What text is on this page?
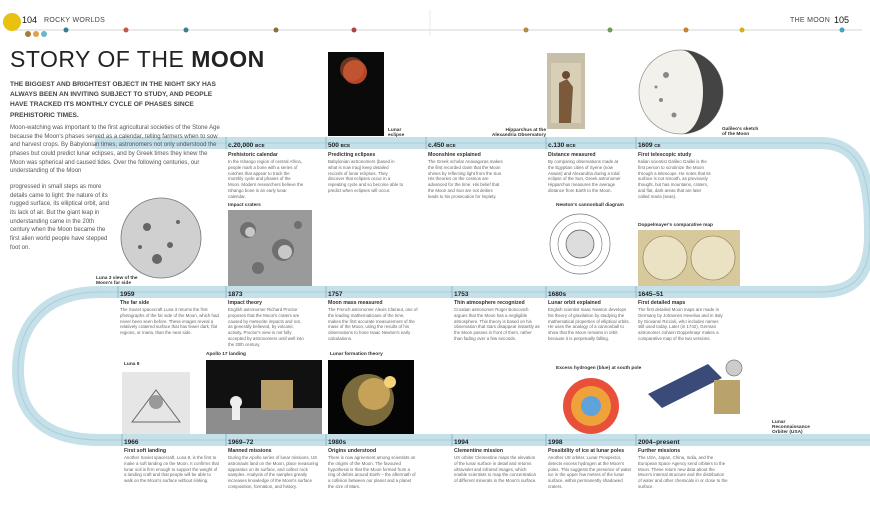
104 ROCKY WORLDS	THE MOON 105
STORY OF THE MOON

THE BIGGEST AND BRIGHTEST OBJECT IN THE NIGHT SKY HAS ALWAYS BEEN AN INVITING SUBJECT TO STUDY, AND PEOPLE HAVE TRACKED ITS MONTHLY CYCLE OF PHASES SINCE PREHISTORIC TIMES.

Moon-watching was important to the first agricultural societies of the Stone Age because the Moon's phases served as a calendar, telling farmers when to sow and harvest crops. By Babylonian times, astronomers not only understood the phases but could predict lunar eclipses, and by Greek times they knew the Moon was spherical and caused tides. Over the following centuries, our understanding of the Moon

progressed in small steps as more details came to light: the nature of its rugged surface, its elliptical orbit, and its lack of air. But the giant leap in understanding came in the 20th century when the Moon became the first alien world people have stepped foot on.

Lunar eclipse
Hipparchus at the Alexandria Observatory
Galileo's sketch of the Moon
Luna 3 view of the Moon's far side
c.20,000 BCE

Prehistoric calendar

In the Ishango region of central Africa, people mark a bone with a series of notches that appear to track the monthly cycle and phases of the Moon. Modern researchers believe the Ishango bone is an early lunar calendar.

500 BCE

Predicting eclipses

Babylonian astronomers (based in what is now Iraq) keep detailed records of lunar eclipses. They discover that eclipses occur in a repeating cycle and so become able to predict when eclipses will occur.

c.450 BCE

Moonshine explained

The Greek scholar Anaxagoras makes the first recorded claim that the Moon shines by reflecting light from the Sun. His theories on the cosmos are advanced for the time. His belief that the Moon and Sun are not deities leads to his prosecution for impiety.

c.130 BCE

Distance measured

By comparing observations made at the Egyptian cities of Syene (now Aswan) and Alexandria during a total eclipse of the Sun, Greek astronomer Hipparchus measures the average distance from Earth to the Moon.

1609 CE

First telescopic study

Italian scientist Galileo Galilei is the first person to scrutinize the Moon through a telescope. He notes that its surface is not smooth, as previously thought, but has mountains, craters, and flat, dark areas that are later called maria (seas).

Impact craters	Newton's cannonball diagram
Doppelmayer's comparative map
1959

The far side

The Soviet spacecraft Luna 3 returns the first photographs of the far side of the Moon, which had never been seen before. These images reveal a relatively cratered surface that has fewer dark, flat regions, or maria, than the near side.

1873

Impact theory

English astronomer Richard Proctor proposes that the Moon's craters are caused by meteorite impacts and not, as generally believed, by volcanic activity. Proctor's view is not fully accepted by astronomers until well into the 20th century.

1757

Moon mass measured

The French astronomer Alexis Clairaut, one of the leading mathematicians of the time, makes the first accurate measurement of the mass of the Moon, using the results of his observations to hone Isaac Newton's early calculations.

1753

Thin atmosphere recognized

Croatian astronomer Roger Boscovich argues that the Moon has a negligible atmosphere. This theory is based on his observation that stars disappear instantly as the Moon passes in front of them, rather than fading over a few seconds.

1680s

Lunar orbit explained

English scientist Isaac Newton develops his theory of gravitation by studying the mathematical properties of elliptical orbits. He uses the analogy of a cannonball to show that the Moon remains in orbit because it is perpetually falling.

1645–51

First detailed maps

The first detailed Moon maps are made in Germany by Johannes Hevelius and in Italy by Giovanni Riccioli, who includes names still used today. Later (in 1742), German astronomer Johann Doppelmayr makes a comparative map of the two versions.

Luna 9
Apollo 17 landing	Lunar formation theory
Excess hydrogen (blue) at south pole
Lunar Reconnaissance Orbiter (USA)
1966

First soft landing

Another Soviet spacecraft, Luna 9, is the first to make a soft landing on the Moon. It confirms that lunar soil is firm enough to support the weight of a landing craft and that people will be able to walk on the Moon's surface without sinking.

1969–72

Manned missions

During the Apollo series of lunar missions, US astronauts land on the Moon, place measuring apparatus on its surface, and collect rock samples. Analysis of the samples greatly increases knowledge of the Moon's surface composition, formation, and history.

1980s

Origins understood

There is now agreement among scientists on the origins of the Moon. The favoured hypothesis is that the Moon formed from a ring of debris around Earth – the aftermath of a collision between our planet and a planet the size of Mars.

1994

Clementine mission

US orbiter Clementine maps the elevation of the lunar surface in detail and returns ultraviolet and infrared images, which enable scientists to map the concentration of different minerals in the Moon's surface.

1998

Possibility of ice at lunar poles

Another US orbiter, Lunar Prospector, detects excess hydrogen at the Moon's poles. This suggests the presence of water ice in the upper few metres of the lunar surface, within permanently shadowed craters.

2004–present

Further missions

The USA, Japan, China, India, and the European Space Agency send orbiters to the Moon. These return new data about the Moon's internal structure and the distribution of water and other chemicals in or close to the surface.
